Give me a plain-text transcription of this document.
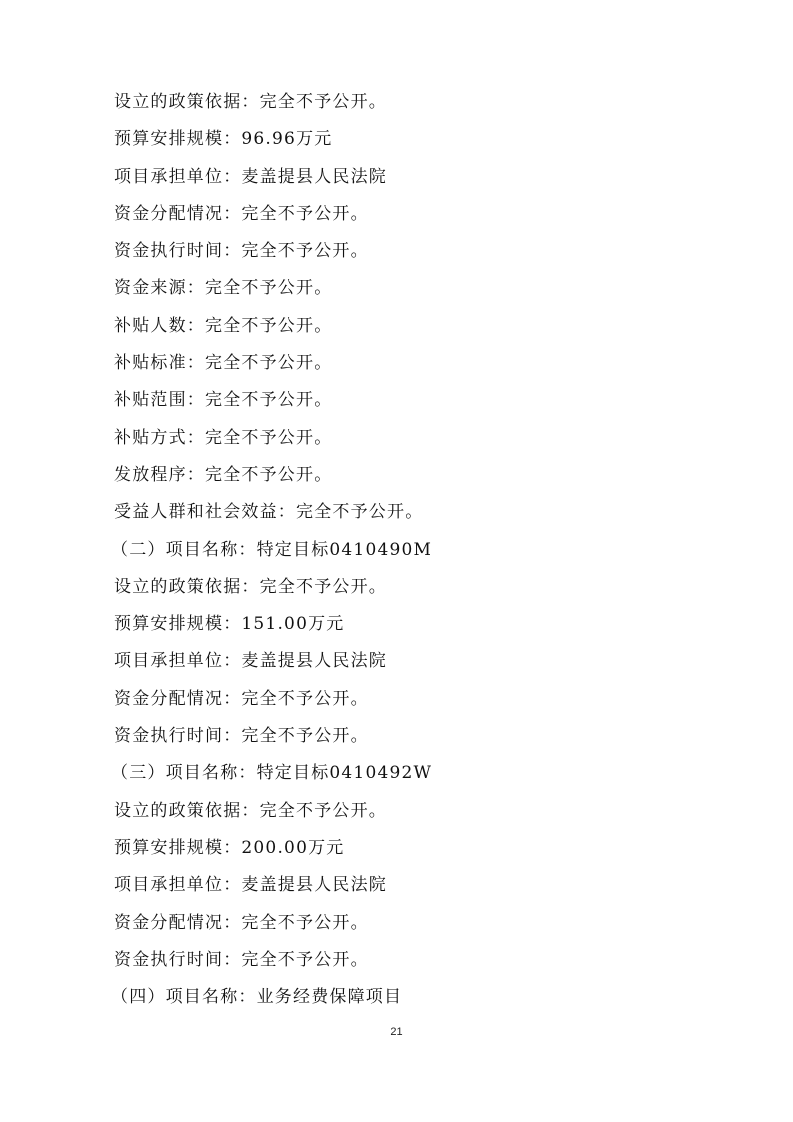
设立的政策依据：完全不予公开。
预算安排规模：96.96万元
项目承担单位：麦盖提县人民法院
资金分配情况：完全不予公开。
资金执行时间：完全不予公开。
资金来源：完全不予公开。
补贴人数：完全不予公开。
补贴标准：完全不予公开。
补贴范围：完全不予公开。
补贴方式：完全不予公开。
发放程序：完全不予公开。
受益人群和社会效益：完全不予公开。
（二）项目名称：特定目标0410490M
设立的政策依据：完全不予公开。
预算安排规模：151.00万元
项目承担单位：麦盖提县人民法院
资金分配情况：完全不予公开。
资金执行时间：完全不予公开。
（三）项目名称：特定目标0410492W
设立的政策依据：完全不予公开。
预算安排规模：200.00万元
项目承担单位：麦盖提县人民法院
资金分配情况：完全不予公开。
资金执行时间：完全不予公开。
（四）项目名称：业务经费保障项目
21
